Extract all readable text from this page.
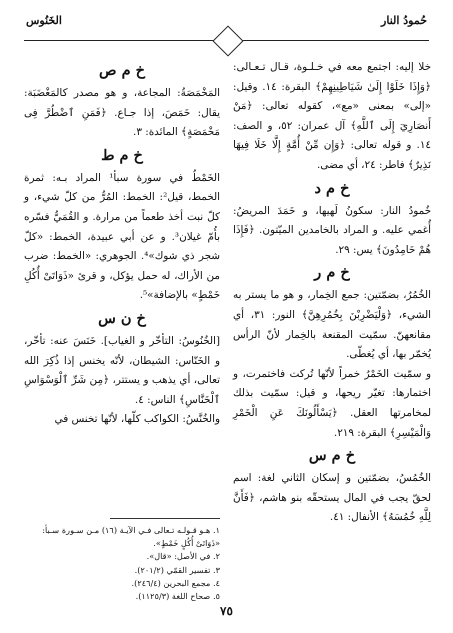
حُمودُ النار
الخَنُوس

خلا إليه: اجتمع معه في خـلـوة، قـال تـعـالى: ﴿وَإِذَا خَلَوْا إِلَىٰ شَيَاطِينِهِمْ﴾ البقرة: ١٤. وقيل: «إلى» بمعنى «مع»، كقوله تعالى: ﴿مَنْ أَنصَارِيٓ إِلَى ٱللَّهِ﴾ آل عمران: ٥٢، و الصف: ١٤. و قوله تعالى: ﴿وَإِن مِّنْ أُمَّةٍ إِلَّا خَلَا فِيهَا نَذِيرٌ﴾ فاطر: ٢٤، أي مضى.

خ م د

خُمودُ النار: سكونُ لَهيها، و خَمَدَ المريضُ: أُغمي عليه. و المراد بالخامدين الميّتون. ﴿فَإِذَا هُمْ خَامِدُونَ﴾ يس: ٢٩.

خ م ر

الخُمُرُ، بضمّتين: جمع الخِمار، و هو ما يستر به الشيء، ﴿وَلْيَضْرِبْنَ بِخُمُرِهِنَّ﴾ النور: ٣١، أي مقانعهنّ. سمّيت المقنعة بالخِمار لأنّ الرأس يُخمّر بها، أي يُغطّى.

و سمّيت الخَمْرُ خمراً لأنّها تُركت فاختمرت، و اختمارها: تغيّر ريحها، و قيل: سمّيت بذلك لمخامرتها العقل. ﴿يَسْأَلُونَكَ عَنِ الْخَمْرِ وَالْمَيْسِرِ﴾ البقرة: ٢١٩.

خ م س

الخُمُسُ، بضمّتين و إسكان الثاني لغة: اسم لحقّ يجب في المال يستحقّه بنو هاشم، ﴿فَأَنَّ لِلَّهِ خُمُسَهُ﴾ الأنفال: ٤١.

خ م ص

المَخْمَصَةُ: المجاعة، و هو مصدر كالمَغْضَبَة: يقال: خَمَصَ، إذا جـاع. ﴿فَمَنِ ٱضْطُرَّ فِى مَخْمَصَةٍ﴾ المائدة: ٣.

خ م ط

الخَمْطُ في سورة سبأ¹ المراد بـه: ثمرة الخمط، قيل²: الخمط: المُرُّ من كلّ شيء، و كلّ نبت أخذ طعماً من مرارة. و القُمَيُّ فسّره بأُمّ غيلان³. و عن أبي عبيدة، الخمط: «كلّ شجر ذي شوك»⁴. الجوهري: «الخمط: ضرب من الأراك، له حمل يؤكل، و قرئ «ذَوَاتَىْ أُكُلِ خَمْطٍ» بالإضافة»⁵.

خ ن س

[الخُنُوسُ: التأخّر و الغياب]. خَنَسَ عنه: تأخّر، و الخَنّاس: الشيطان، لأنّه يخنس إذا ذُكِرَ الله تعالى، أي يذهب و يستتر، ﴿مِن شَرِّ ٱلْوَسْوَاسِ ٱلْخَنَّاسِ﴾ الناس: ٤.

والخُنَّسُ: الكواكب كلّها، لأنّها تخنس في

١. هـو قـولـه تـعالى فـي الآيـة (١٦) مـن سـورة سـبأ: «ذَوَاتَىْ أُكُلٍ خَمْطٍ».

٢. في الأصل: «قال».

٣. تفسير القمّي (٢٠١/٢).

٤. مجمع البحرين (٢٤٦/٤).

٥. صحاح اللغة (١١٢٥/٣).

٧٥
